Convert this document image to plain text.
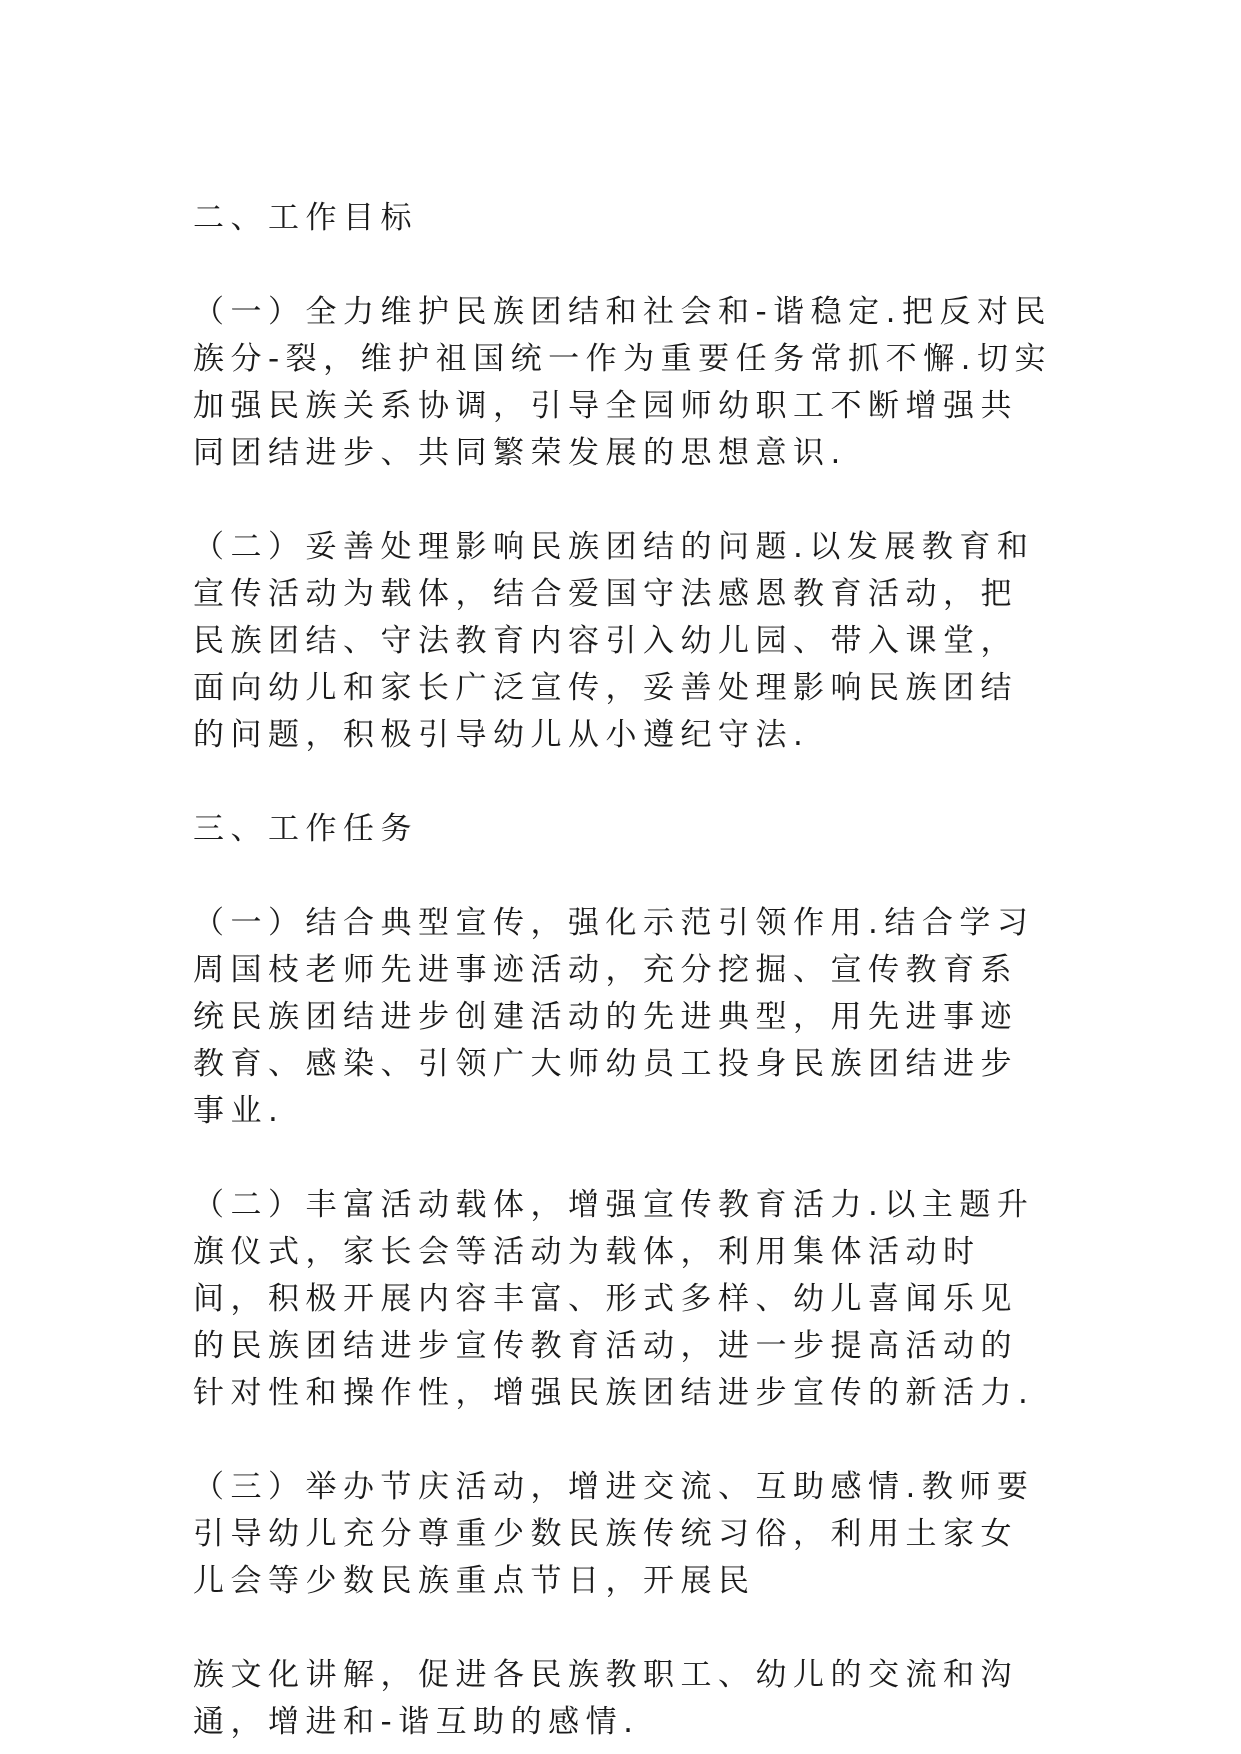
二、工作目标

（一）全力维护民族团结和社会和-谐稳定.把反对民族分-裂，维护祖国统一作为重要任务常抓不懈.切实加强民族关系协调，引导全园师幼职工不断增强共同团结进步、共同繁荣发展的思想意识.

（二）妥善处理影响民族团结的问题.以发展教育和宣传活动为载体，结合爱国守法感恩教育活动，把民族团结、守法教育内容引入幼儿园、带入课堂，面向幼儿和家长广泛宣传，妥善处理影响民族团结的问题，积极引导幼儿从小遵纪守法.

三、工作任务

（一）结合典型宣传，强化示范引领作用.结合学习周国枝老师先进事迹活动，充分挖掘、宣传教育系统民族团结进步创建活动的先进典型，用先进事迹教育、感染、引领广大师幼员工投身民族团结进步事业.

（二）丰富活动载体，增强宣传教育活力.以主题升旗仪式，家长会等活动为载体，利用集体活动时间，积极开展内容丰富、形式多样、幼儿喜闻乐见的民族团结进步宣传教育活动，进一步提高活动的针对性和操作性，增强民族团结进步宣传的新活力.

（三）举办节庆活动，增进交流、互助感情.教师要引导幼儿充分尊重少数民族传统习俗，利用土家女儿会等少数民族重点节日，开展民

族文化讲解，促进各民族教职工、幼儿的交流和沟通，增进和-谐互助的感情.
